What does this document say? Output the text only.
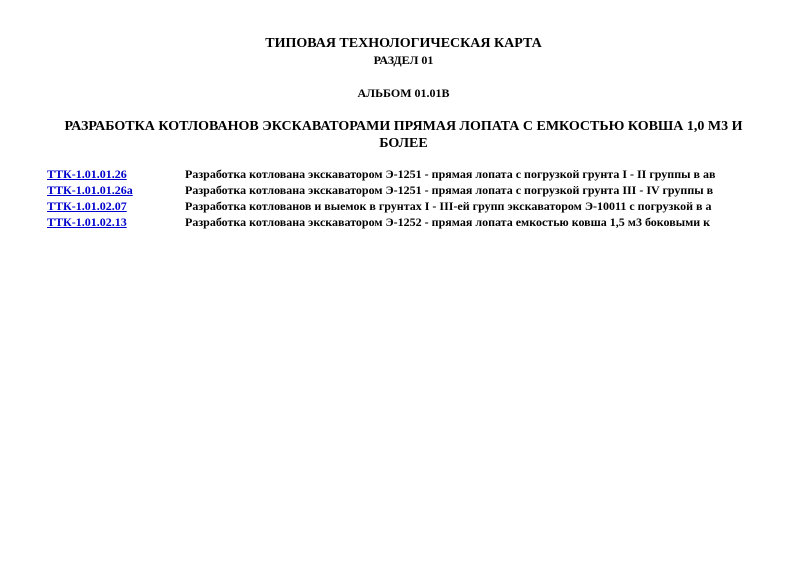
ТИПОВАЯ ТЕХНОЛОГИЧЕСКАЯ КАРТА
РАЗДЕЛ 01
АЛЬБОМ 01.01В
РАЗРАБОТКА КОТЛОВАНОВ ЭКСКАВАТОРАМИ ПРЯМАЯ ЛОПАТА С ЕМКОСТЬЮ КОВША 1,0 М3 И БОЛЕЕ
ТТК-1.01.01.26	Разработка котлована экскаватором Э-1251 - прямая лопата с погрузкой грунта I - II группы в ав
ТТК-1.01.01.26а	Разработка котлована экскаватором Э-1251 - прямая лопата с погрузкой грунта III - IV группы в
ТТК-1.01.02.07	Разработка котлованов и выемок в грунтах I - III-ей групп экскаватором Э-10011 с погрузкой в а
ТТК-1.01.02.13	Разработка котлована экскаватором Э-1252 - прямая лопата емкостью ковша 1,5 м3 боковыми к
